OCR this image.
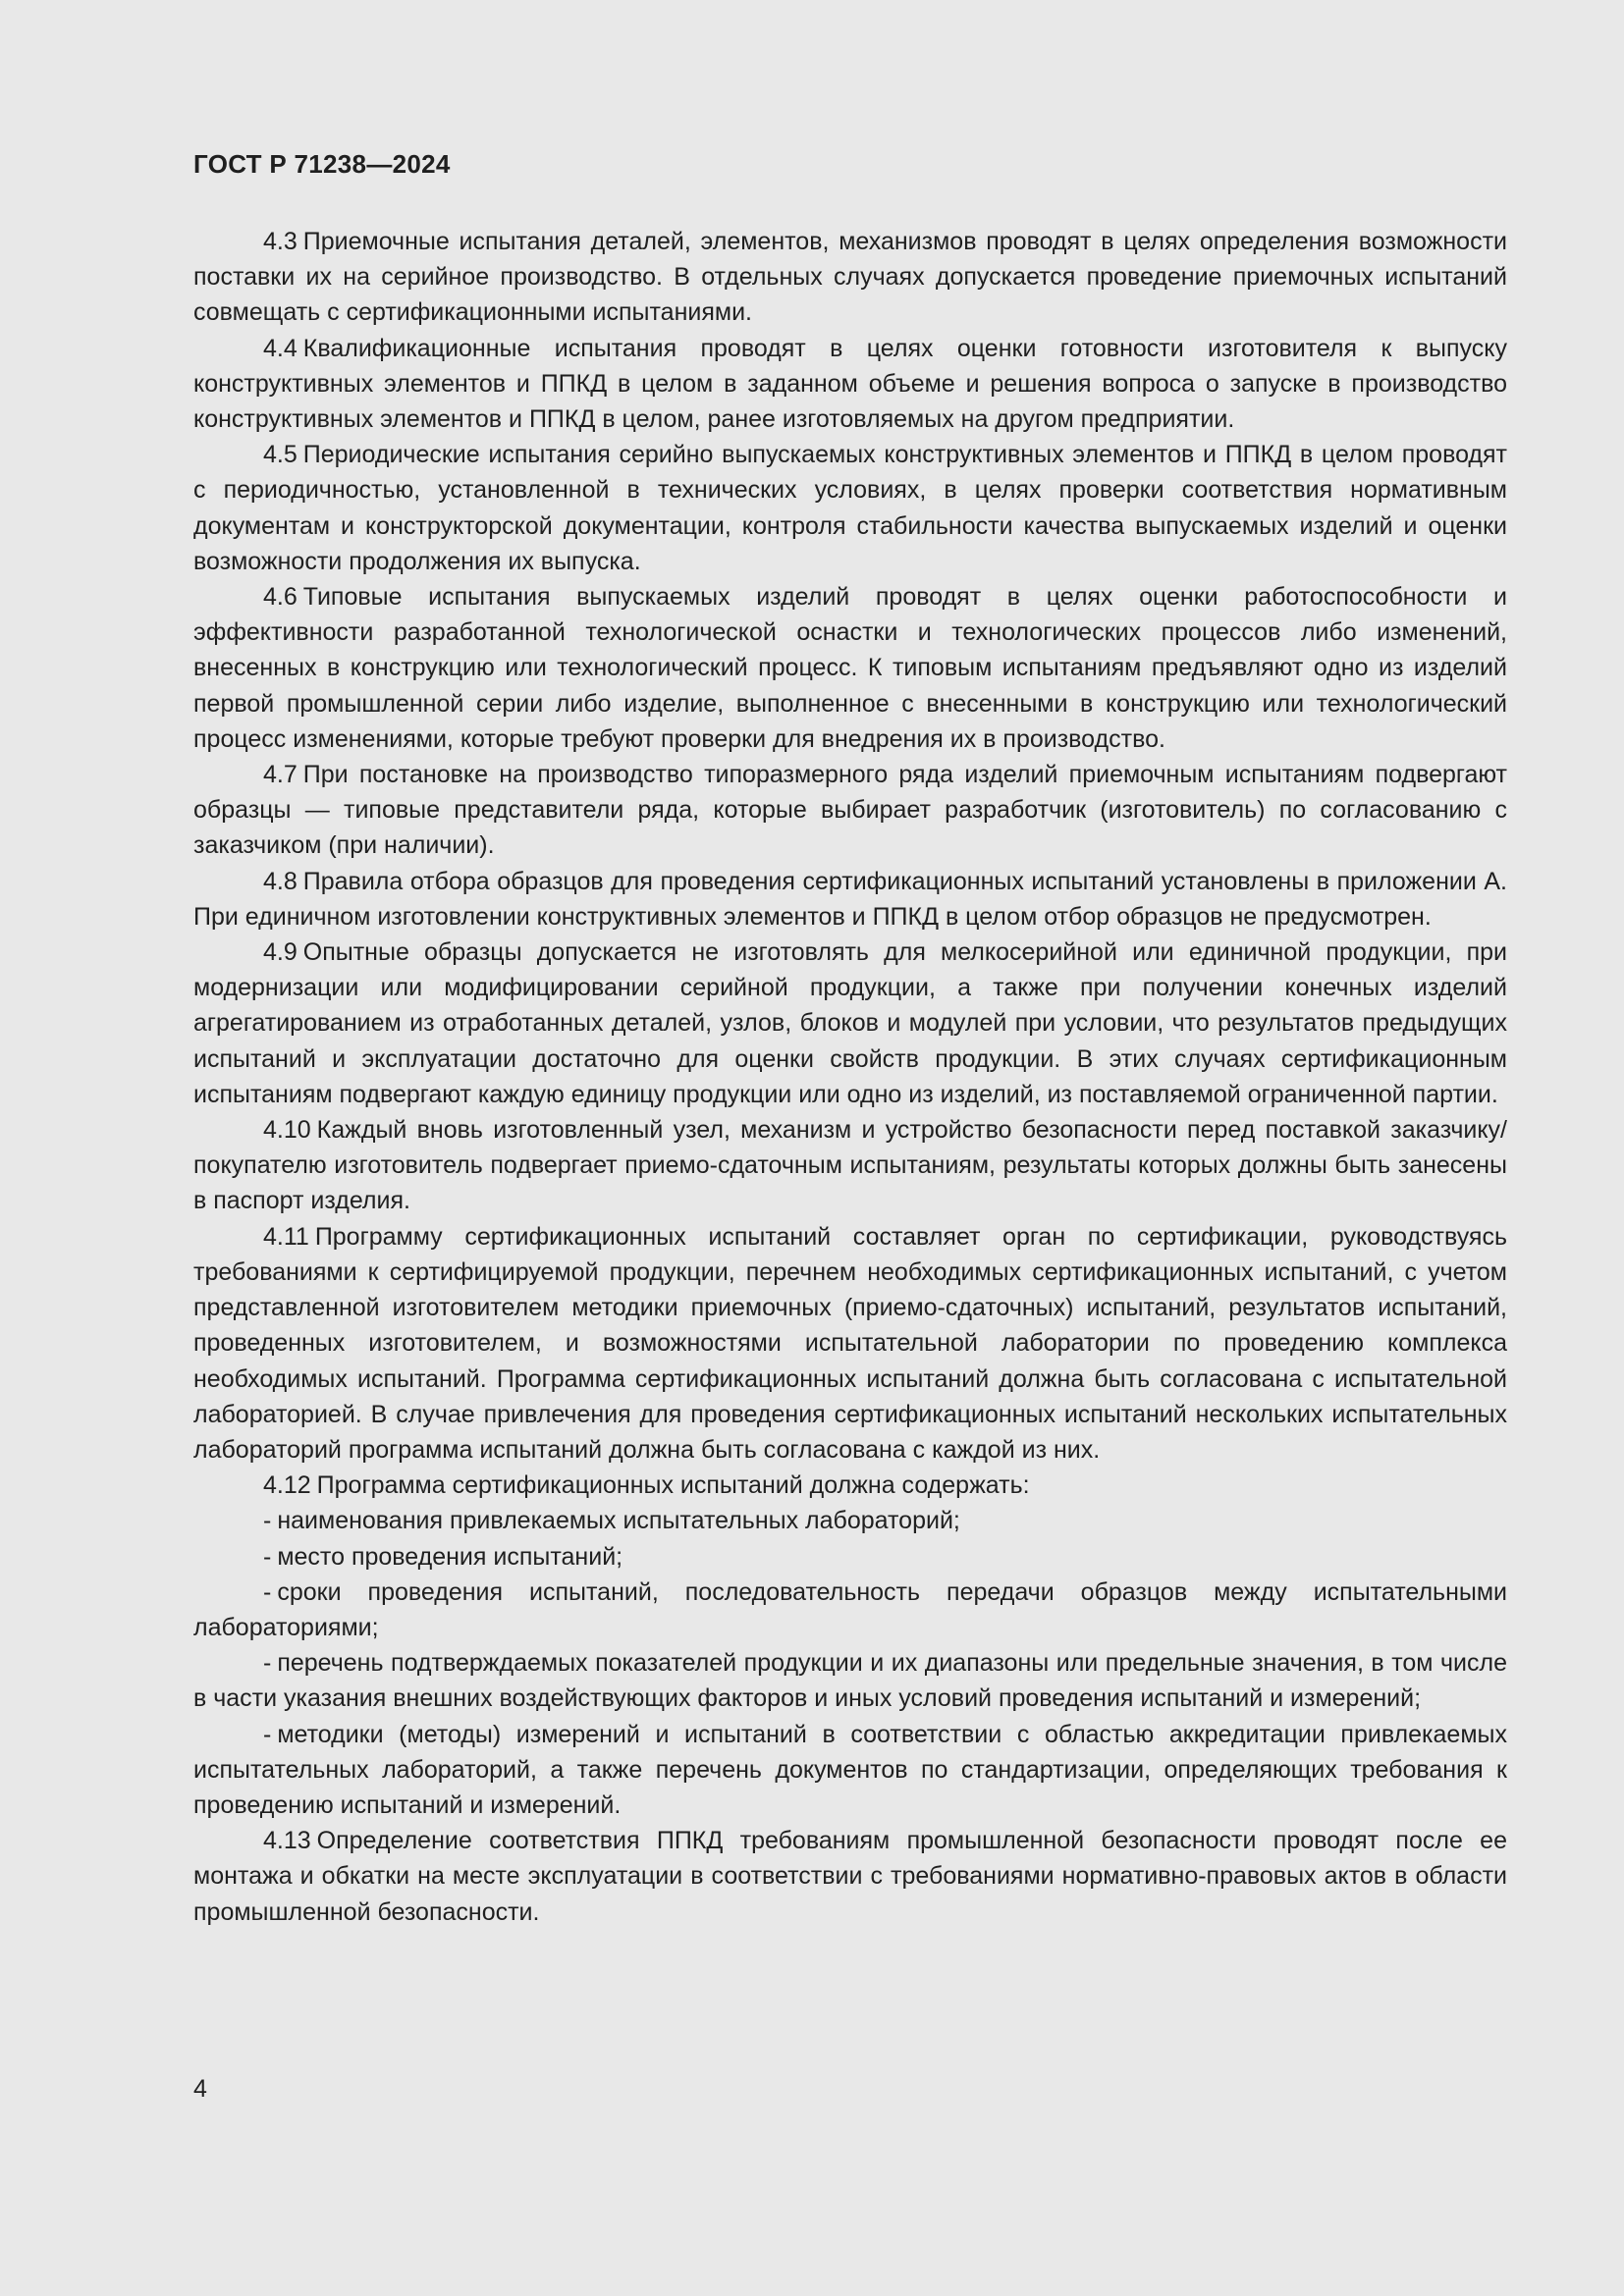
ГОСТ Р 71238—2024

4.3 Приемочные испытания деталей, элементов, механизмов проводят в целях определения возможности поставки их на серийное производство. В отдельных случаях допускается проведение приемочных испытаний совмещать с сертификационными испытаниями.

4.4 Квалификационные испытания проводят в целях оценки готовности изготовителя к выпуску конструктивных элементов и ППКД в целом в заданном объеме и решения вопроса о запуске в производство конструктивных элементов и ППКД в целом, ранее изготовляемых на другом предприятии.

4.5 Периодические испытания серийно выпускаемых конструктивных элементов и ППКД в целом проводят с периодичностью, установленной в технических условиях, в целях проверки соответствия нормативным документам и конструкторской документации, контроля стабильности качества выпускаемых изделий и оценки возможности продолжения их выпуска.

4.6 Типовые испытания выпускаемых изделий проводят в целях оценки работоспособности и эффективности разработанной технологической оснастки и технологических процессов либо изменений, внесенных в конструкцию или технологический процесс. К типовым испытаниям предъявляют одно из изделий первой промышленной серии либо изделие, выполненное с внесенными в конструкцию или технологический процесс изменениями, которые требуют проверки для внедрения их в производство.

4.7 При постановке на производство типоразмерного ряда изделий приемочным испытаниям подвергают образцы — типовые представители ряда, которые выбирает разработчик (изготовитель) по согласованию с заказчиком (при наличии).

4.8 Правила отбора образцов для проведения сертификационных испытаний установлены в приложении А. При единичном изготовлении конструктивных элементов и ППКД в целом отбор образцов не предусмотрен.

4.9 Опытные образцы допускается не изготовлять для мелкосерийной или единичной продукции, при модернизации или модифицировании серийной продукции, а также при получении конечных изделий агрегатированием из отработанных деталей, узлов, блоков и модулей при условии, что результатов предыдущих испытаний и эксплуатации достаточно для оценки свойств продукции. В этих случаях сертификационным испытаниям подвергают каждую единицу продукции или одно из изделий, из поставляемой ограниченной партии.

4.10 Каждый вновь изготовленный узел, механизм и устройство безопасности перед поставкой заказчику/покупателю изготовитель подвергает приемо-сдаточным испытаниям, результаты которых должны быть занесены в паспорт изделия.

4.11 Программу сертификационных испытаний составляет орган по сертификации, руководствуясь требованиями к сертифицируемой продукции, перечнем необходимых сертификационных испытаний, с учетом представленной изготовителем методики приемочных (приемо-сдаточных) испытаний, результатов испытаний, проведенных изготовителем, и возможностями испытательной лаборатории по проведению комплекса необходимых испытаний. Программа сертификационных испытаний должна быть согласована с испытательной лабораторией. В случае привлечения для проведения сертификационных испытаний нескольких испытательных лабораторий программа испытаний должна быть согласована с каждой из них.

4.12 Программа сертификационных испытаний должна содержать:

- наименования привлекаемых испытательных лабораторий;

- место проведения испытаний;

- сроки проведения испытаний, последовательность передачи образцов между испытательными лабораториями;

- перечень подтверждаемых показателей продукции и их диапазоны или предельные значения, в том числе в части указания внешних воздействующих факторов и иных условий проведения испытаний и измерений;

- методики (методы) измерений и испытаний в соответствии с областью аккредитации привлекаемых испытательных лабораторий, а также перечень документов по стандартизации, определяющих требования к проведению испытаний и измерений.

4.13 Определение соответствия ППКД требованиям промышленной безопасности проводят после ее монтажа и обкатки на месте эксплуатации в соответствии с требованиями нормативно-правовых актов в области промышленной безопасности.

4
